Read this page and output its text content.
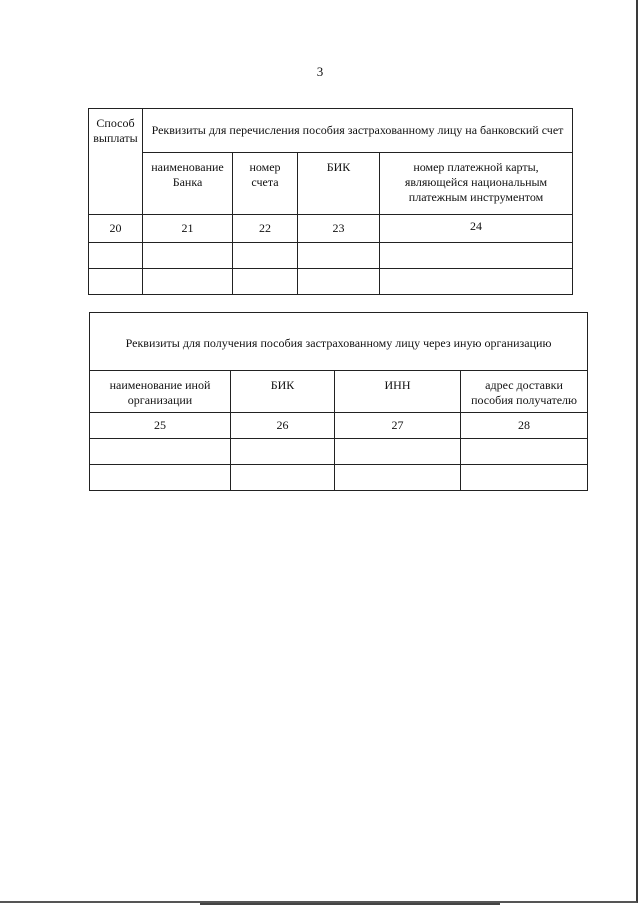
3
Способ выплаты	Реквизиты для перечисления пособия застрахованному лицу на банковский счет			
	наименование Банка	номер счета	БИК	номер платежной карты, являющейся национальным платежным инструментом
20	21	22	23	24

Реквизиты для получения пособия застрахованному лицу через иную организацию			
наименование иной организации	БИК	ИНН	адрес доставки пособия получателю
25	26	27	28
